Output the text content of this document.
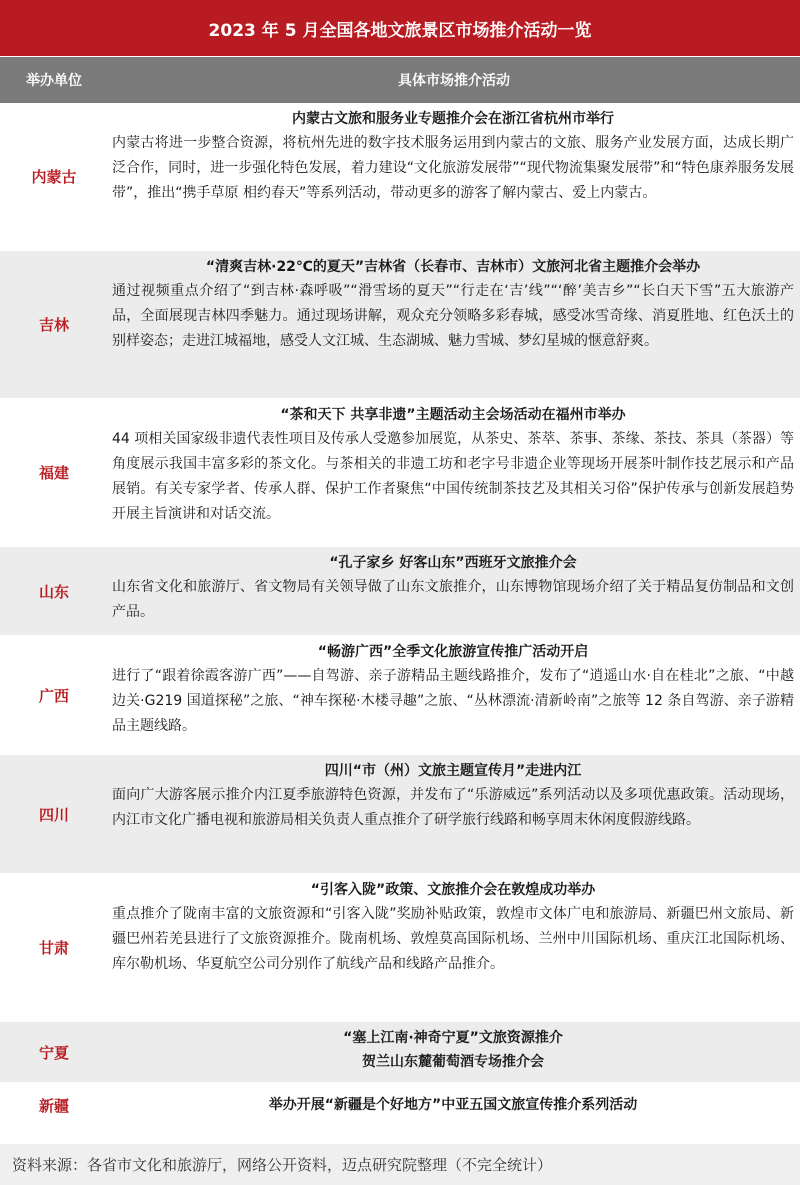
2023 年 5 月全国各地文旅景区市场推介活动一览
举办单位	具体市场推介活动
内蒙古
内蒙古文旅和服务业专题推介会在浙江省杭州市举行
内蒙古将进一步整合资源，将杭州先进的数字技术服务运用到内蒙古的文旅、服务产业发展方面，达成长期广泛合作，同时，进一步强化特色发展，着力建设“文化旅游发展带”“现代物流集聚发展带”和“特色康养服务发展带”，推出“携手草原 相约春天”等系列活动，带动更多的游客了解内蒙古、爱上内蒙古。
吉林
“清爽吉林·22℃的夏天”吉林省（长春市、吉林市）文旅河北省主题推介会举办
通过视频重点介绍了“到吉林·森呼吸”“滑雪场的夏天”“行走在‘吉’线”“‘醉’美吉乡”“长白天下雪”五大旅游产品，全面展现吉林四季魅力。通过现场讲解，观众充分领略多彩春城，感受冰雪奇缘、消夏胜地、红色沃土的别样姿态；走进江城福地，感受人文江城、生态湖城、魅力雪城、梦幻星城的惬意舒爽。
福建
“茶和天下 共享非遗”主题活动主会场活动在福州市举办
44 项相关国家级非遗代表性项目及传承人受邀参加展览，从茶史、茶萃、茶事、茶缘、茶技、茶具（茶器）等角度展示我国丰富多彩的茶文化。与茶相关的非遗工坊和老字号非遗企业等现场开展茶叶制作技艺展示和产品展销。有关专家学者、传承人群、保护工作者聚焦“中国传统制茶技艺及其相关习俗”保护传承与创新发展趋势开展主旨演讲和对话交流。
山东
“孔子家乡 好客山东”西班牙文旅推介会
山东省文化和旅游厅、省文物局有关领导做了山东文旅推介，山东博物馆现场介绍了关于精品复仿制品和文创产品。
广西
“畅游广西”全季文化旅游宣传推广活动开启
进行了“跟着徐霞客游广西”——自驾游、亲子游精品主题线路推介，发布了“逍遥山水·自在桂北”之旅、“中越边关·G219 国道探秘”之旅、“神车探秘·木楼寻趣”之旅、“丛林漂流·清新岭南”之旅等 12 条自驾游、亲子游精品主题线路。
四川
四川“市（州）文旅主题宣传月”走进内江
面向广大游客展示推介内江夏季旅游特色资源，并发布了“乐游威远”系列活动以及多项优惠政策。活动现场，内江市文化广播电视和旅游局相关负责人重点推介了研学旅行线路和畅享周末休闲度假游线路。
甘肃
“引客入陇”政策、文旅推介会在敦煌成功举办
重点推介了陇南丰富的文旅资源和“引客入陇”奖励补贴政策，敦煌市文体广电和旅游局、新疆巴州文旅局、新疆巴州若羌县进行了文旅资源推介。陇南机场、敦煌莫高国际机场、兰州中川国际机场、重庆江北国际机场、库尔勒机场、华夏航空公司分别作了航线产品和线路产品推介。
宁夏
“塞上江南·神奇宁夏”文旅资源推介
贺兰山东麓葡萄酒专场推介会
新疆	举办开展“新疆是个好地方”中亚五国文旅宣传推介系列活动
资料来源：各省市文化和旅游厅，网络公开资料，迈点研究院整理（不完全统计）
